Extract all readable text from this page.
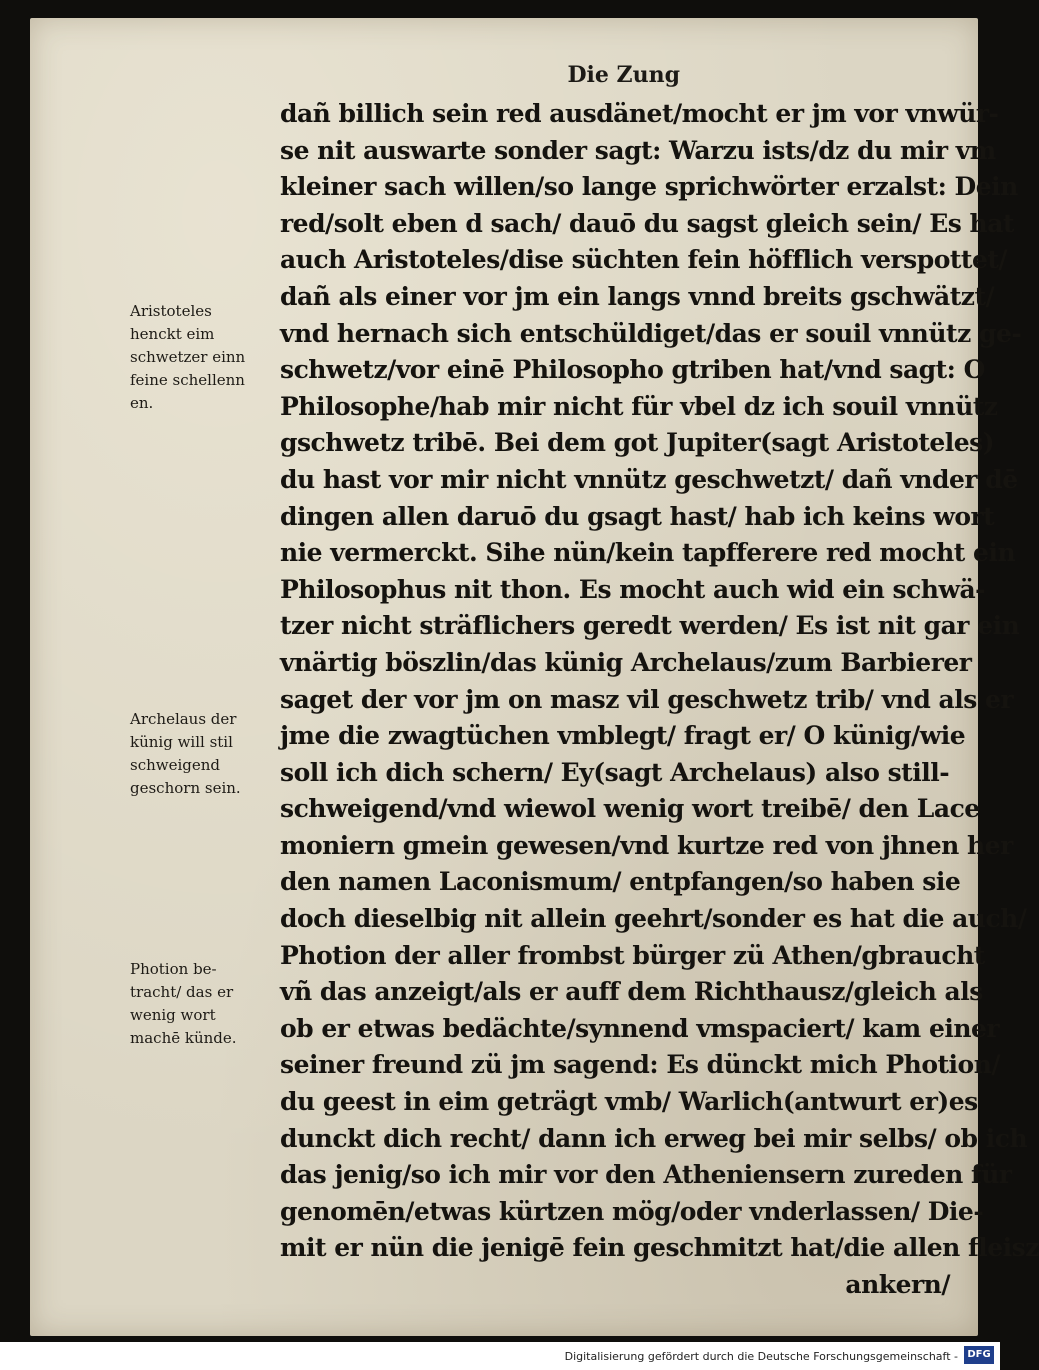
Die Zung
dañ billich sein red ausdänet/mocht er jm vor vnwür-
se nit auswarte sonder sagt: Warzu ists/dz du mir vm
kleiner sach willen/so lange sprichwörter erzalst: Dein
red/solt eben d sach/ dauō du sagst gleich sein/ Es hat
auch Aristoteles/dise süchten fein höfflich verspottet/
dañ als einer vor jm ein langs vnnd breits gschwätzt/
vnd hernach sich entschüldiget/das er souil vnnütz ge-
schwetz/vor einē Philosopho gtriben hat/vnd sagt: O
Philosophe/hab mir nicht für vbel dz ich souil vnnütz
gschwetz tribē. Bei dem got Jupiter(sagt Aristoteles)
du hast vor mir nicht vnnütz geschwetzt/ dañ vnder dē
dingen allen daruō du gsagt hast/ hab ich keins wort
nie vermerckt. Sihe nün/kein tapfferere red mocht ein
Philosophus nit thon. Es mocht auch wid ein schwä-
tzer nicht sträflichers geredt werden/ Es ist nit gar ein
vnärtig böszlin/das künig Archelaus/zum Barbierer
saget der vor jm on masz vil geschwetz trib/ vnd als er
jme die zwagtüchen vmblegt/ fragt er/ O künig/wie
soll ich dich schern/ Ey(sagt Archelaus) also still-
schweigend/vnd wiewol wenig wort treibē/ den Lace
moniern gmein gewesen/vnd kurtze red von jhnen her
den namen Laconismum/ entpfangen/so haben sie
doch dieselbig nit allein geehrt/sonder es hat die auch/
Photion der aller frombst bürger zü Athen/gbraucht
vñ das anzeigt/als er auff dem Richthausz/gleich als
ob er etwas bedächte/synnend vmspaciert/ kam einer
seiner freund zü jm sagend: Es dünckt mich Photion/
du geest in eim geträgt vmb/ Warlich(antwurt er)es
dunckt dich recht/ dann ich erweg bei mir selbs/ ob ich
das jenig/so ich mir vor den Atheniensern zureden für
genomēn/etwas kürtzen mög/oder vnderlassen/ Die-
mit er nün die jenigē fein geschmitzt hat/die allen fleisz
ankern/
Aristoteles
henckt eim
schwetzer einn
feine schellenn
en.
Archelaus der
künig will stil
schweigend
geschorn sein.
Photion be-
tracht/ das er
wenig wort
machē künde.
Digitalisierung gefördert durch die Deutsche Forschungsgemeinschaft - DFG
